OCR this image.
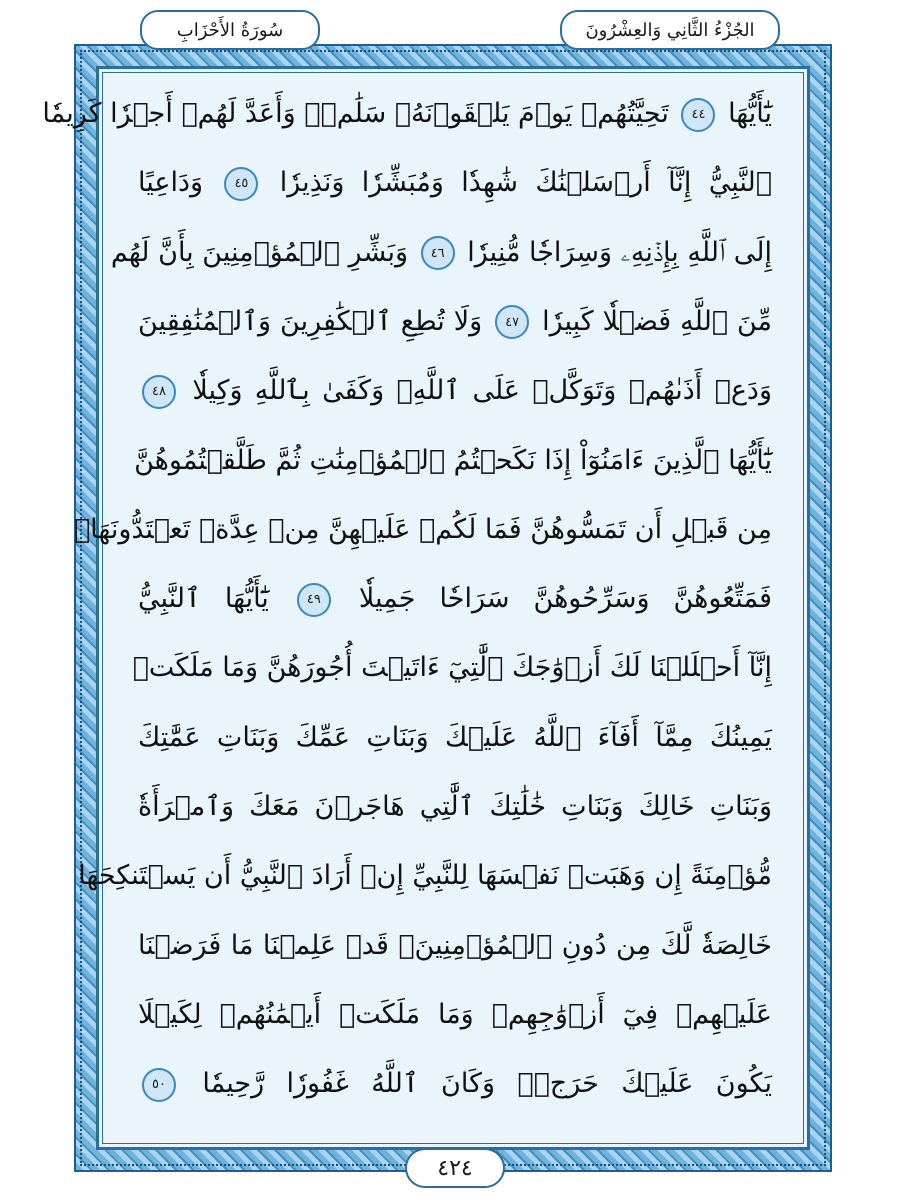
سُورَةُ الأَحْزَابِ	الجُزْءُ الثَّانِي وَالعِشْرُونَ
يَٰٓأَيُّهَا ٤٤ تَحِيَّتُهُمۡ يَوۡمَ يَلۡقَوۡنَهُۥ سَلَٰمٞۚ وَأَعَدَّ لَهُمۡ أَجۡرٗا كَرِيمٗا
ٱلنَّبِيُّ إِنَّآ أَرۡسَلۡنَٰكَ شَٰهِدٗا وَمُبَشِّرٗا وَنَذِيرٗا ٤٥ وَدَاعِيًا
إِلَى ٱللَّهِ بِإِذۡنِهِۦ وَسِرَاجٗا مُّنِيرٗا ٤٦ وَبَشِّرِ ٱلۡمُؤۡمِنِينَ بِأَنَّ لَهُم
مِّنَ ٱللَّهِ فَضۡلٗا كَبِيرٗا ٤٧ وَلَا تُطِعِ ٱلۡكَٰفِرِينَ وَٱلۡمُنَٰفِقِينَ
وَدَعۡ أَذَىٰهُمۡ وَتَوَكَّلۡ عَلَى ٱللَّهِۚ وَكَفَىٰ بِٱللَّهِ وَكِيلٗا ٤٨
يَٰٓأَيُّهَا ٱلَّذِينَ ءَامَنُوٓاْ إِذَا نَكَحۡتُمُ ٱلۡمُؤۡمِنَٰتِ ثُمَّ طَلَّقۡتُمُوهُنَّ
مِن قَبۡلِ أَن تَمَسُّوهُنَّ فَمَا لَكُمۡ عَلَيۡهِنَّ مِنۡ عِدَّةٖ تَعۡتَدُّونَهَاۖ
فَمَتِّعُوهُنَّ وَسَرِّحُوهُنَّ سَرَاحٗا جَمِيلٗا ٤٩ يَٰٓأَيُّهَا ٱلنَّبِيُّ
إِنَّآ أَحۡلَلۡنَا لَكَ أَزۡوَٰجَكَ ٱلَّٰتِيٓ ءَاتَيۡتَ أُجُورَهُنَّ وَمَا مَلَكَتۡ
يَمِينُكَ مِمَّآ أَفَآءَ ٱللَّهُ عَلَيۡكَ وَبَنَاتِ عَمِّكَ وَبَنَاتِ عَمَّٰتِكَ
وَبَنَاتِ خَالِكَ وَبَنَاتِ خَٰلَٰتِكَ ٱلَّٰتِي هَاجَرۡنَ مَعَكَ وَٱمۡرَأَةٗ
مُّؤۡمِنَةً إِن وَهَبَتۡ نَفۡسَهَا لِلنَّبِيِّ إِنۡ أَرَادَ ٱلنَّبِيُّ أَن يَسۡتَنكِحَهَا
خَالِصَةٗ لَّكَ مِن دُونِ ٱلۡمُؤۡمِنِينَۗ قَدۡ عَلِمۡنَا مَا فَرَضۡنَا
عَلَيۡهِمۡ فِيٓ أَزۡوَٰجِهِمۡ وَمَا مَلَكَتۡ أَيۡمَٰنُهُمۡ لِكَيۡلَا
يَكُونَ عَلَيۡكَ حَرَجٞۗ وَكَانَ ٱللَّهُ غَفُورٗا رَّحِيمٗا ٥٠
٤٢٤
